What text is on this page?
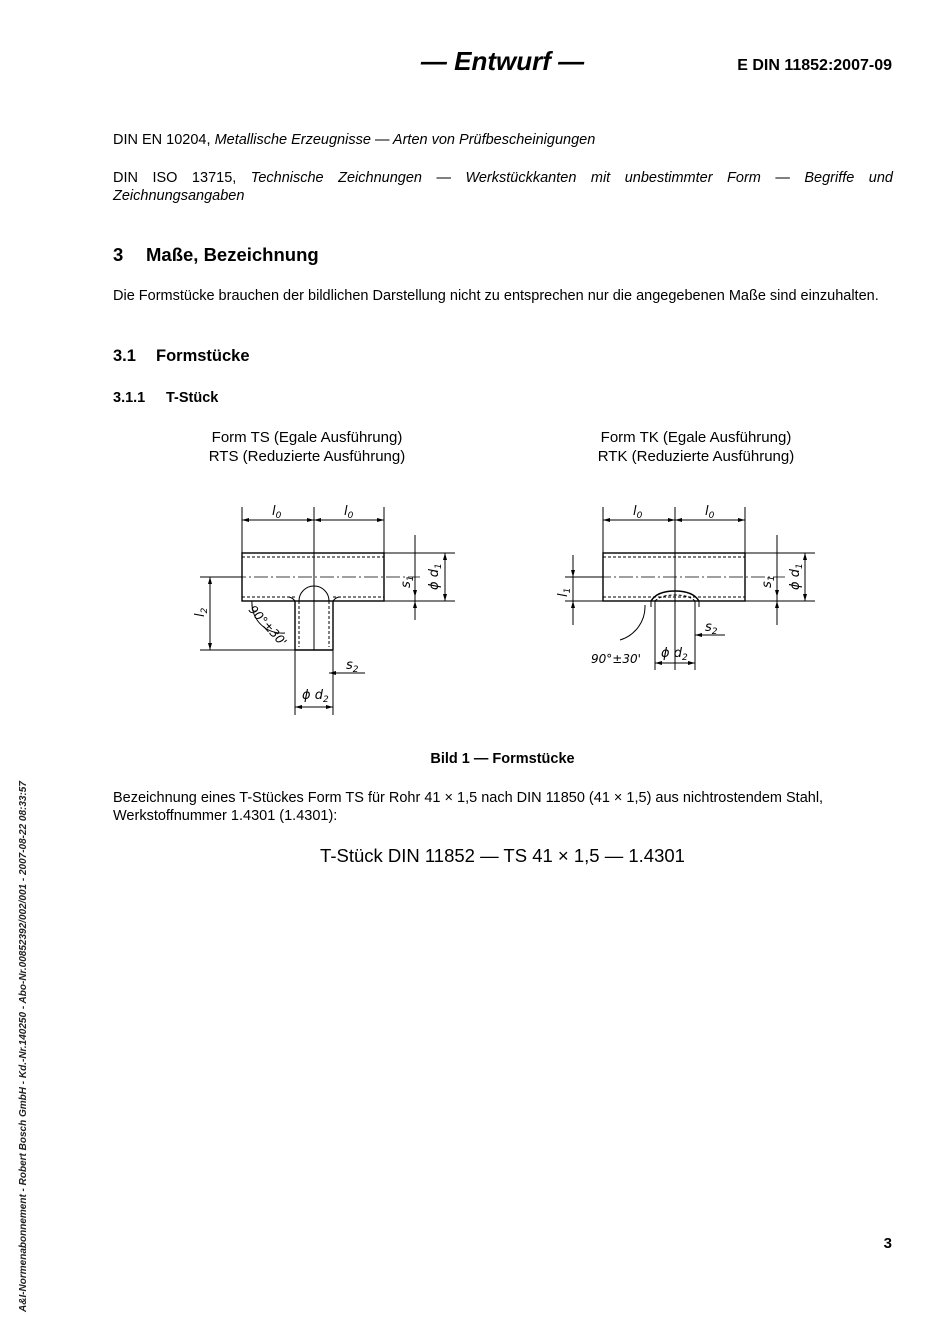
— Entwurf —	E DIN 11852:2007-09
DIN EN 10204, Metallische Erzeugnisse — Arten von Prüfbescheinigungen
DIN ISO 13715, Technische Zeichnungen — Werkstückkanten mit unbestimmter Form — Begriffe und Zeichnungsangaben
3 Maße, Bezeichnung
Die Formstücke brauchen der bildlichen Darstellung nicht zu entsprechen nur die angegebenen Maße sind einzuhalten.
3.1 Formstücke
3.1.1 T-Stück
Form TS (Egale Ausführung)
RTS (Reduzierte Ausführung)
Form TK (Egale Ausführung)
RTK (Reduzierte Ausführung)
$l_0$	$l_0$
ϕ $d_1$
$s_1$
$l_2$	90°±30'
ϕ $d_2$
$s_2$
$l_0$	$l_0$
ϕ $d_1$
$s_1$
$l_1$
90°±30' ϕ $d_2$
$s_2$
Bild 1 — Formstücke
Bezeichnung eines T-Stückes Form TS für Rohr 41 × 1,5 nach DIN 11850 (41 × 1,5) aus nichtrostendem Stahl, Werkstoffnummer 1.4301 (1.4301):
T-Stück DIN 11852 — TS 41 × 1,5 — 1.4301
3
A&I-Normenabonnement - Robert Bosch GmbH - Kd.-Nr.140250 - Abo-Nr.00852392/002/001 - 2007-08-22 08:33:57
